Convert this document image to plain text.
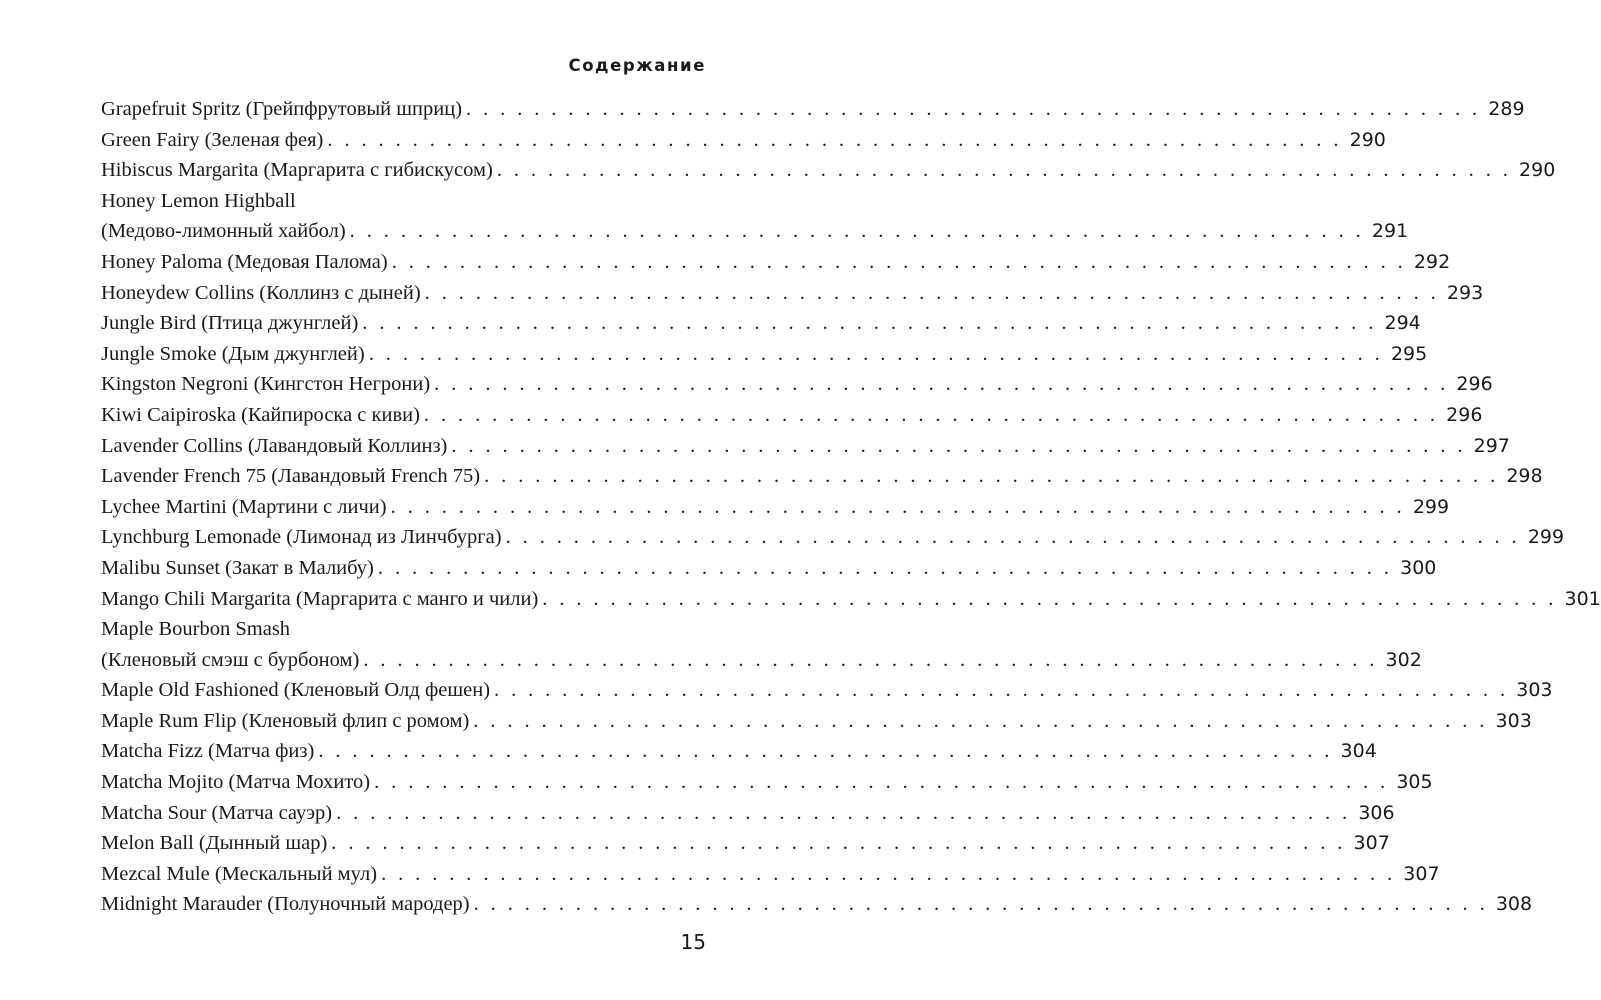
Содержание
Grapefruit Spritz (Грейпфрутовый шприц) . . . . . . . . . . . . . . . . . . . . . . . . . . . . . . . . . . . . . . . . . . . . . . . . . . . . . . . . . . . . 289
Green Fairy (Зеленая фея) . . . . . . . . . . . . . . . . . . . . . . . . . . . . . . . . . . . . . . . . . . . . . . . . . . . . . . . . . . . . 290
Hibiscus Margarita (Маргарита с гибискусом) . . . . . . . . . . . . . . . . . . . . . . . . . . . . . . . . . . . . . . . . . . . . . . . . . . . . . . . . . . . . 290
Honey Lemon Highball
(Медово-лимонный хайбол) . . . . . . . . . . . . . . . . . . . . . . . . . . . . . . . . . . . . . . . . . . . . . . . . . . . . . . . . . . . . 291
Honey Paloma (Медовая Палома) . . . . . . . . . . . . . . . . . . . . . . . . . . . . . . . . . . . . . . . . . . . . . . . . . . . . . . . . . . . . 292
Honeydew Collins (Коллинз с дыней) . . . . . . . . . . . . . . . . . . . . . . . . . . . . . . . . . . . . . . . . . . . . . . . . . . . . . . . . . . . . 293
Jungle Bird (Птица джунглей) . . . . . . . . . . . . . . . . . . . . . . . . . . . . . . . . . . . . . . . . . . . . . . . . . . . . . . . . . . . . 294
Jungle Smoke (Дым джунглей) . . . . . . . . . . . . . . . . . . . . . . . . . . . . . . . . . . . . . . . . . . . . . . . . . . . . . . . . . . . . 295
Kingston Negroni (Кингстон Негрони) . . . . . . . . . . . . . . . . . . . . . . . . . . . . . . . . . . . . . . . . . . . . . . . . . . . . . . . . . . . . 296
Kiwi Caipiroska (Кайпироска с киви) . . . . . . . . . . . . . . . . . . . . . . . . . . . . . . . . . . . . . . . . . . . . . . . . . . . . . . . . . . . . 296
Lavender Collins (Лавандовый Коллинз) . . . . . . . . . . . . . . . . . . . . . . . . . . . . . . . . . . . . . . . . . . . . . . . . . . . . . . . . . . . . 297
Lavender French 75 (Лавандовый French 75) . . . . . . . . . . . . . . . . . . . . . . . . . . . . . . . . . . . . . . . . . . . . . . . . . . . . . . . . . . . . 298
Lychee Martini (Мартини с личи) . . . . . . . . . . . . . . . . . . . . . . . . . . . . . . . . . . . . . . . . . . . . . . . . . . . . . . . . . . . . 299
Lynchburg Lemonade (Лимонад из Линчбурга) . . . . . . . . . . . . . . . . . . . . . . . . . . . . . . . . . . . . . . . . . . . . . . . . . . . . . . . . . . . . 299
Malibu Sunset (Закат в Малибу) . . . . . . . . . . . . . . . . . . . . . . . . . . . . . . . . . . . . . . . . . . . . . . . . . . . . . . . . . . . . 300
Mango Chili Margarita (Маргарита с манго и чили) . . . . . . . . . . . . . . . . . . . . . . . . . . . . . . . . . . . . . . . . . . . . . . . . . . . . . . . . . . . . 301
Maple Bourbon Smash
(Кленовый смэш с бурбоном) . . . . . . . . . . . . . . . . . . . . . . . . . . . . . . . . . . . . . . . . . . . . . . . . . . . . . . . . . . . . 302
Maple Old Fashioned (Кленовый Олд фешен) . . . . . . . . . . . . . . . . . . . . . . . . . . . . . . . . . . . . . . . . . . . . . . . . . . . . . . . . . . . . 303
Maple Rum Flip (Кленовый флип с ромом) . . . . . . . . . . . . . . . . . . . . . . . . . . . . . . . . . . . . . . . . . . . . . . . . . . . . . . . . . . . . 303
Matcha Fizz (Матча физ) . . . . . . . . . . . . . . . . . . . . . . . . . . . . . . . . . . . . . . . . . . . . . . . . . . . . . . . . . . . . 304
Matcha Mojito (Матча Мохито) . . . . . . . . . . . . . . . . . . . . . . . . . . . . . . . . . . . . . . . . . . . . . . . . . . . . . . . . . . . . 305
Matcha Sour (Матча сауэр) . . . . . . . . . . . . . . . . . . . . . . . . . . . . . . . . . . . . . . . . . . . . . . . . . . . . . . . . . . . . 306
Melon Ball (Дынный шар) . . . . . . . . . . . . . . . . . . . . . . . . . . . . . . . . . . . . . . . . . . . . . . . . . . . . . . . . . . . . 307
Mezcal Mule (Мескальный мул) . . . . . . . . . . . . . . . . . . . . . . . . . . . . . . . . . . . . . . . . . . . . . . . . . . . . . . . . . . . . 307
Midnight Marauder (Полуночный мародер) . . . . . . . . . . . . . . . . . . . . . . . . . . . . . . . . . . . . . . . . . . . . . . . . . . . . . . . . . . . . 308
15
